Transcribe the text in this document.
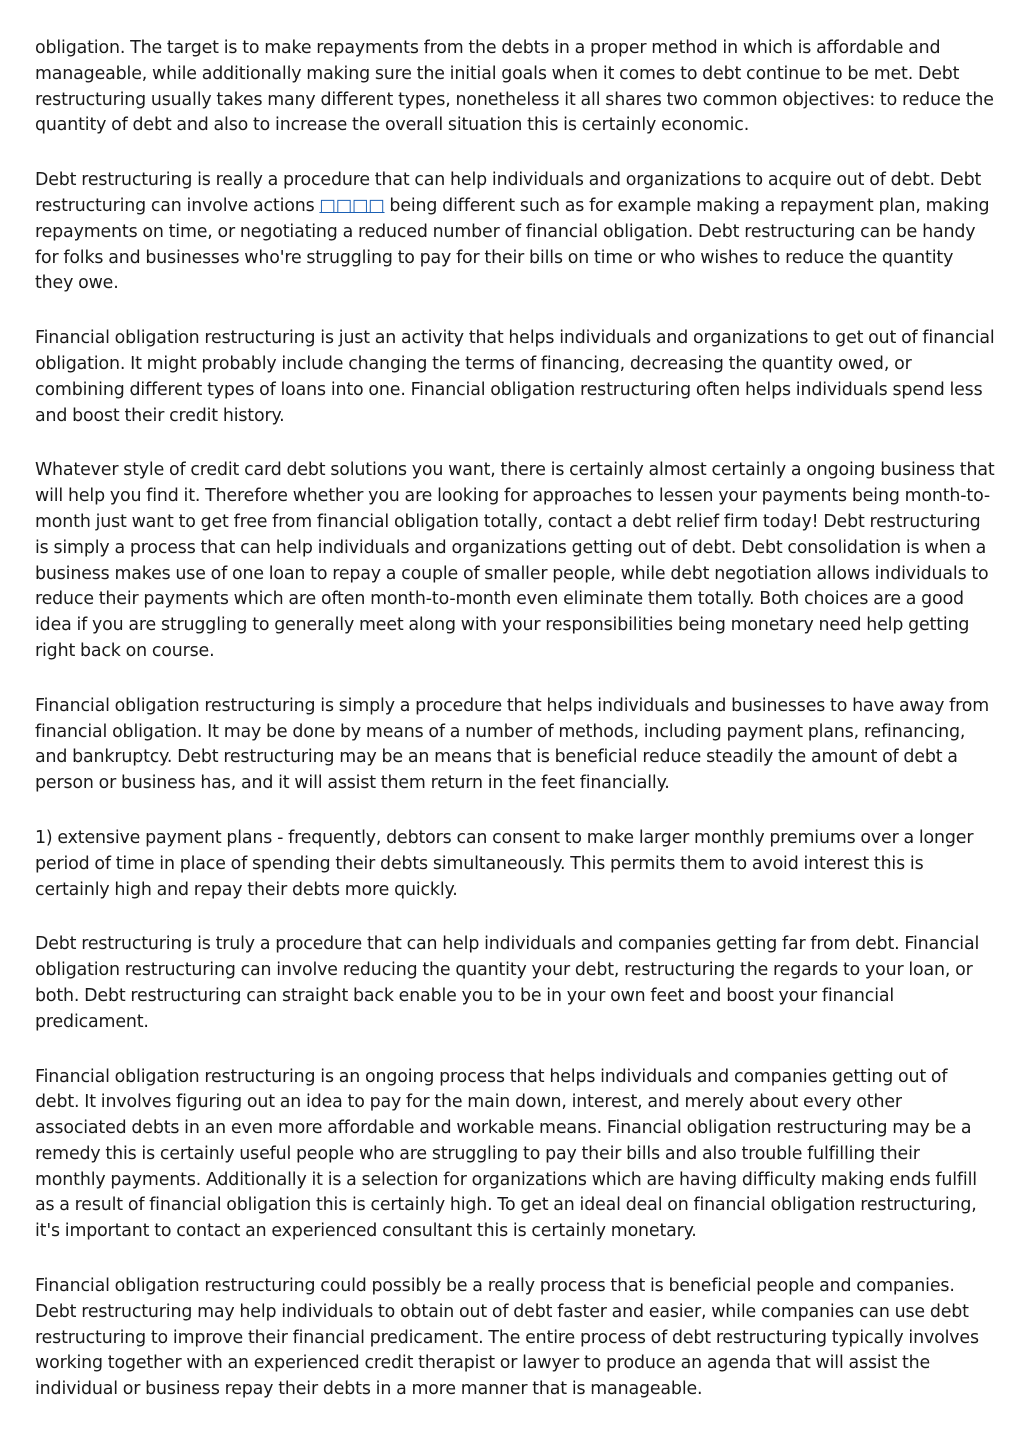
obligation. The target is to make repayments from the debts in a proper method in which is affordable and manageable, while additionally making sure the initial goals when it comes to debt continue to be met. Debt restructuring usually takes many different types, nonetheless it all shares two common objectives: to reduce the quantity of debt and also to increase the overall situation this is certainly economic.

Debt restructuring is really a procedure that can help individuals and organizations to acquire out of debt. Debt restructuring can involve actions □□□□ being different such as for example making a repayment plan, making repayments on time, or negotiating a reduced number of financial obligation. Debt restructuring can be handy for folks and businesses who're struggling to pay for their bills on time or who wishes to reduce the quantity they owe.

Financial obligation restructuring is just an activity that helps individuals and organizations to get out of financial obligation. It might probably include changing the terms of financing, decreasing the quantity owed, or combining different types of loans into one. Financial obligation restructuring often helps individuals spend less and boost their credit history.

Whatever style of credit card debt solutions you want, there is certainly almost certainly a ongoing business that will help you find it. Therefore whether you are looking for approaches to lessen your payments being month-to-month just want to get free from financial obligation totally, contact a debt relief firm today! Debt restructuring is simply a process that can help individuals and organizations getting out of debt. Debt consolidation is when a business makes use of one loan to repay a couple of smaller people, while debt negotiation allows individuals to reduce their payments which are often month-to-month even eliminate them totally. Both choices are a good idea if you are struggling to generally meet along with your responsibilities being monetary need help getting right back on course.

Financial obligation restructuring is simply a procedure that helps individuals and businesses to have away from financial obligation. It may be done by means of a number of methods, including payment plans, refinancing, and bankruptcy. Debt restructuring may be an means that is beneficial reduce steadily the amount of debt a person or business has, and it will assist them return in the feet financially.

1) extensive payment plans - frequently, debtors can consent to make larger monthly premiums over a longer period of time in place of spending their debts simultaneously. This permits them to avoid interest this is certainly high and repay their debts more quickly.

Debt restructuring is truly a procedure that can help individuals and companies getting far from debt. Financial obligation restructuring can involve reducing the quantity your debt, restructuring the regards to your loan, or both. Debt restructuring can straight back enable you to be in your own feet and boost your financial predicament.

Financial obligation restructuring is an ongoing process that helps individuals and companies getting out of debt. It involves figuring out an idea to pay for the main down, interest, and merely about every other associated debts in an even more affordable and workable means. Financial obligation restructuring may be a remedy this is certainly useful people who are struggling to pay their bills and also trouble fulfilling their monthly payments. Additionally it is a selection for organizations which are having difficulty making ends fulfill as a result of financial obligation this is certainly high. To get an ideal deal on financial obligation restructuring, it's important to contact an experienced consultant this is certainly monetary.

Financial obligation restructuring could possibly be a really process that is beneficial people and companies. Debt restructuring may help individuals to obtain out of debt faster and easier, while companies can use debt restructuring to improve their financial predicament. The entire process of debt restructuring typically involves working together with an experienced credit therapist or lawyer to produce an agenda that will assist the individual or business repay their debts in a more manner that is manageable.
